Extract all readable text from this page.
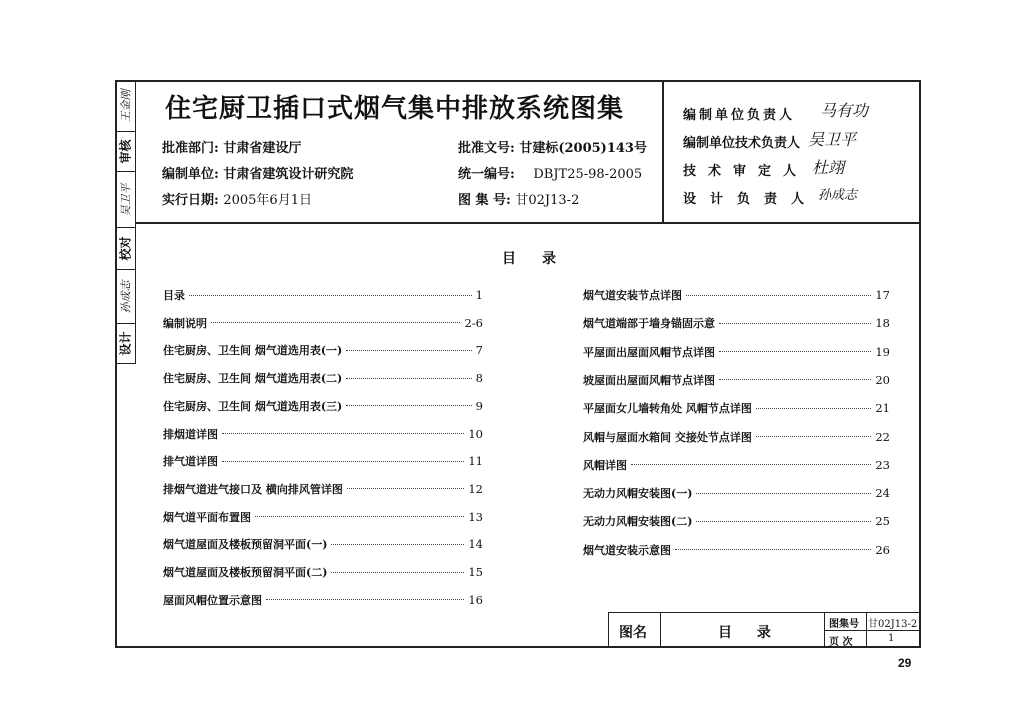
王金刚
审核
吴卫平
校对
孙成志
设计
住宅厨卫插口式烟气集中排放系统图集
批准部门: 甘肃省建设厅
编制单位: 甘肃省建筑设计研究院
实行日期: 2005年6月1日
批准文号: 甘建标(2005)143号
统一编号: DBJT25-98-2005
图 集 号: 甘02J13-2
编制单位负责人 马有功
编制单位技术负责人 吴卫平
技术审定人 杜翊
设计负责人 孙成志
目录
目录	1
编制说明	2-6
住宅厨房、卫生间 烟气道选用表(一)	7
住宅厨房、卫生间 烟气道选用表(二)	8
住宅厨房、卫生间 烟气道选用表(三)	9
排烟道详图	10
排气道详图	11
排烟气道进气接口及 横向排风管详图	12
烟气道平面布置图	13
烟气道屋面及楼板预留洞平面(一)	14
烟气道屋面及楼板预留洞平面(二)	15
屋面风帽位置示意图	16
烟气道安装节点详图	17
烟气道端部于墙身锚固示意	18
平屋面出屋面风帽节点详图	19
坡屋面出屋面风帽节点详图	20
平屋面女儿墙转角处 风帽节点详图	21
风帽与屋面水箱间 交接处节点详图	22
风帽详图	23
无动力风帽安装图(一)	24
无动力风帽安装图(二)	25
烟气道安装示意图	26
图名	目 录
图集号 甘02J13-2
页 次	1
29
